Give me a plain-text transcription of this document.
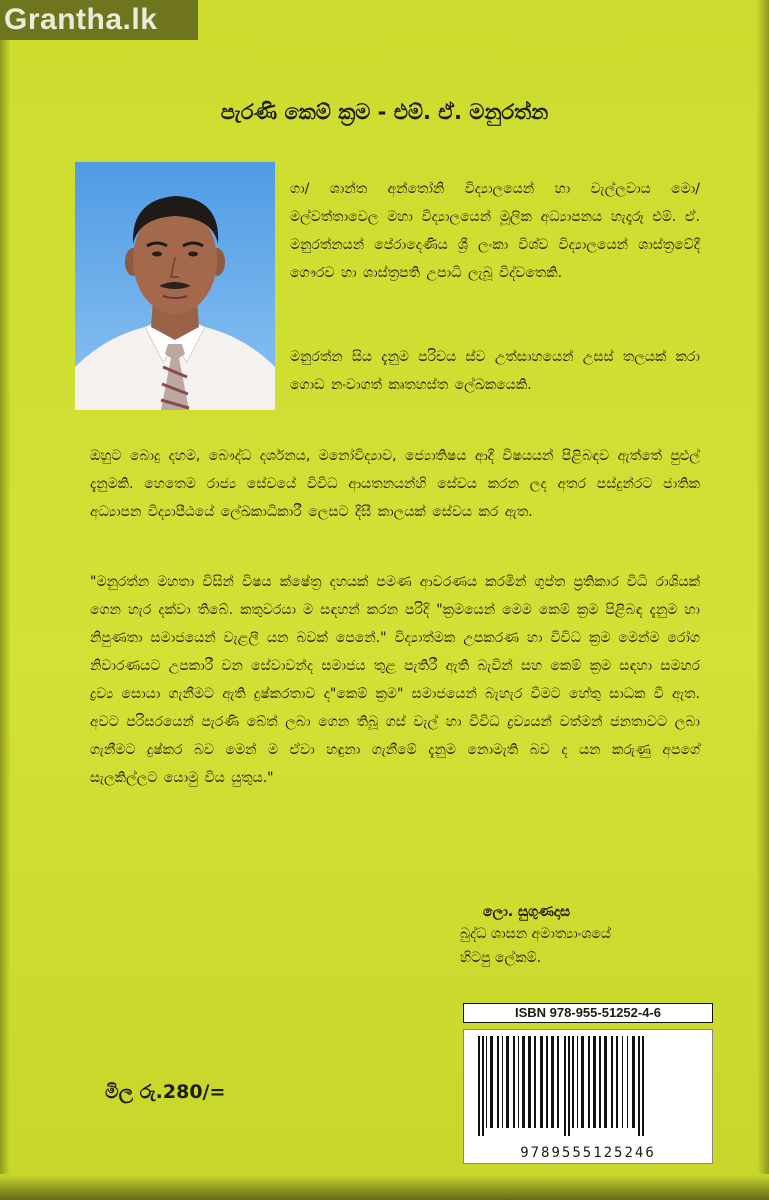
Grantha.lk
පැරණි කෙම් ක්‍රම - එම්. ඒ. මනුරත්න

ගා/ ශාන්ත අන්තෝනි විද්‍යාලයෙන් හා වැල්ලවාය මො/මල්වත්තාවෙල මහා විද්‍යාලයෙන් මූලික අධ්‍යාපනය හැදෑරූ එම්. ඒ. මනුරත්නයන් පේරාදෙණිය ශ්‍රී ලංකා විශ්ව විද්‍යාලයෙන් ශාස්ත්‍රවේදී ගෞරව හා ශාස්ත්‍රපති උපාධි ලැබූ විද්වතෙකි.

මනුරත්න සිය දැනුම පරිචය ස්ව උත්සාහයෙන් උසස් තලයක් කරා ගොඩ නංවාගත් කෘතහස්ත ලේඛකයෙකි.

ඔහුට බොදු දහම, බෞද්ධ දර්ශනය, මනෝවිද්‍යාව, ජ්‍යොතිෂය ආදී විෂයයන් පිළිබඳව ඇත්තේ පුළුල් දැනුමකි. හෙතෙම රාජ්‍ය සේවයේ විවිධ ආයතනයන්හි සේවය කරන ලද අතර පස්දුන්රට ජාතික අධ්‍යාපන විද්‍යාපීඨයේ ලේඛකාධිකාරී ලෙසට දීඝී කාලයක් සේවය කර ඇත.

"මනුරත්න මහතා විසින් විෂය ක්ෂේත්‍ර දහයක් පමණ ආවරණය කරමින් ගුප්ත ප්‍රතිකාර විධි රාශියක් ගෙන හැර දක්වා තිබේ. කතුවරයා ම සඳහන් කරන පරිදි "ක්‍රමයෙන් මෙම කෙම් ක්‍රම පිළිබඳ දැනුම හා නිපුණතා සමාජයෙන් වැළලී යන බවක් පෙනේ." විද්‍යාත්මක උපකරණ හා විවිධ ක්‍රම මෙන්ම රෝග නිවාරණයට උපකාරී වන සේවාවන්ද සමාජය තුළ පැතිරී ඇති බැවින් සහ කෙම් ක්‍රම සඳහා සමහර ද්‍රව්‍ය සොයා ගැනීමට ඇති දුෂ්කරතාව ද"කෙම් ක්‍රම" සමාජයෙන් බැහැර වීමට හේතු සාධක වී ඇත. අවට පරිසරයෙන් පැරණි බේත් ලබා ගෙන තිබූ ගස් වැල් හා විවිධ ද්‍රව්‍යයන් වත්මන් ජනතාවට ලබා ගැනීමට දුෂ්කර බව මෙන් ම ඒවා හඳුනා ගැනීමේ දැනුම නොමැති බව ද යන කරුණු අපගේ සැලකිල්ලට යොමු විය යුතුය."

ලො. සුගුණදාස

බුද්ධ ශාසන අමාත්‍යාංශයේ

හිටපු ලේකම්.

ISBN 978-955-51252-4-6
9789555125246

මිල රු.280/=
